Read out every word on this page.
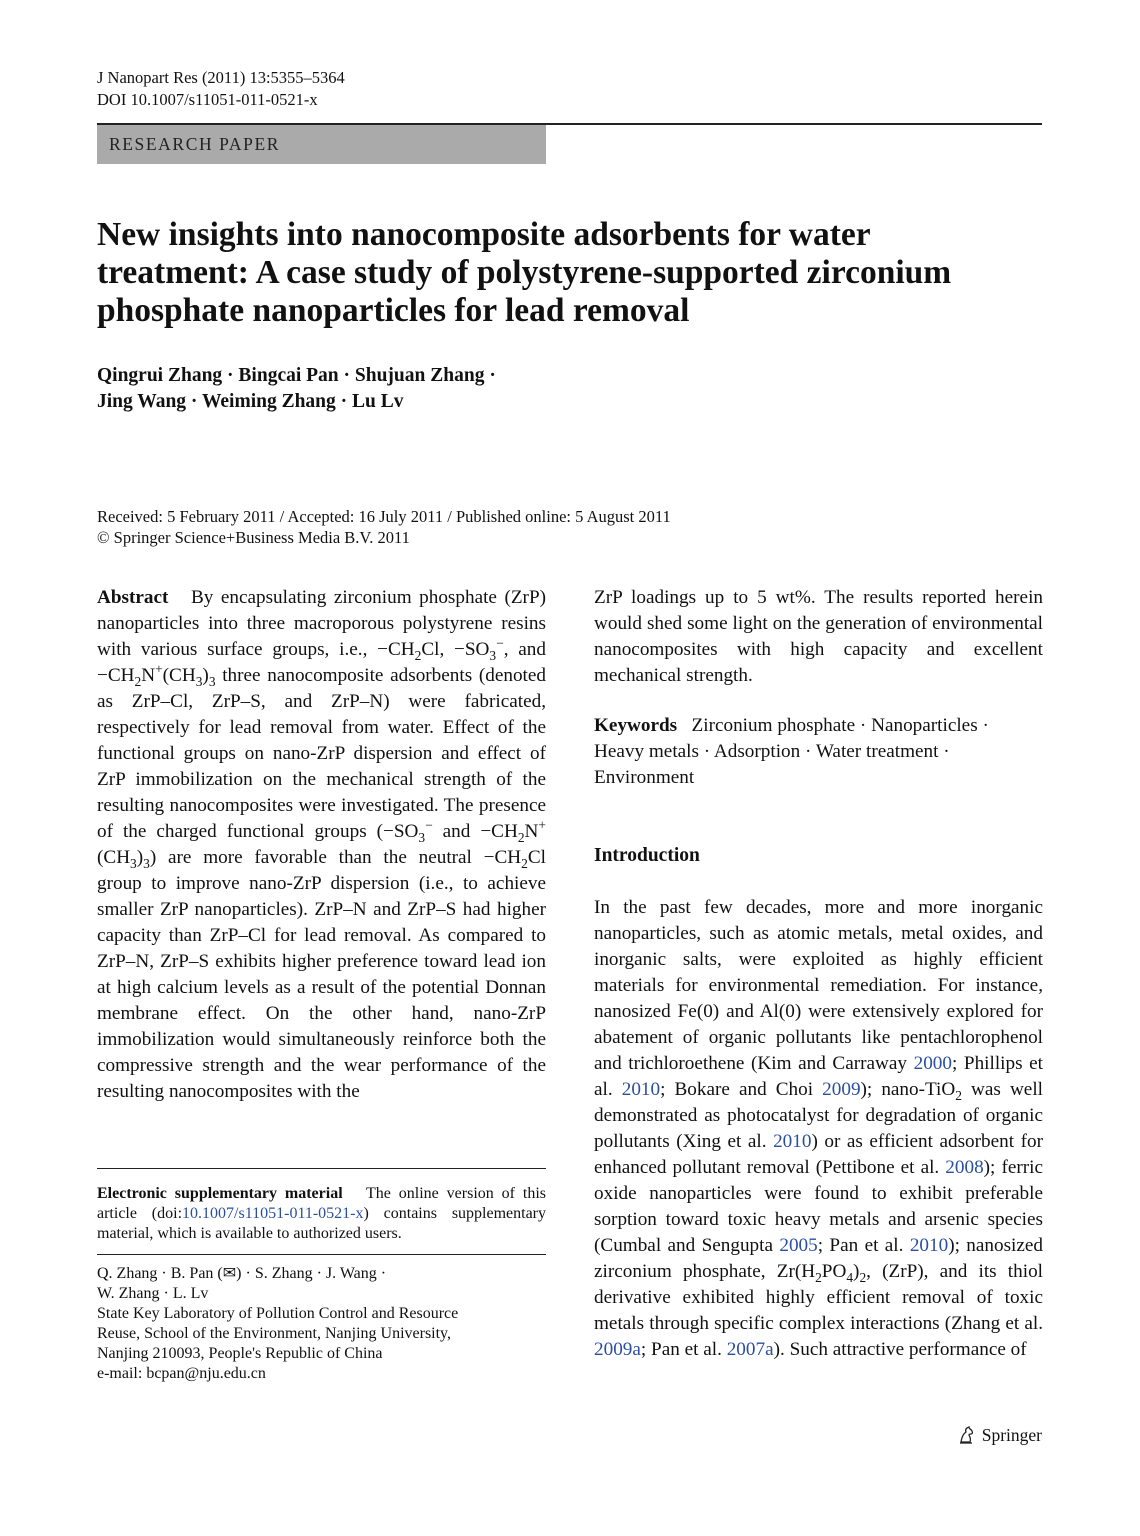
J Nanopart Res (2011) 13:5355–5364
DOI 10.1007/s11051-011-0521-x
RESEARCH PAPER
New insights into nanocomposite adsorbents for water
treatment: A case study of polystyrene-supported zirconium
phosphate nanoparticles for lead removal
Qingrui Zhang · Bingcai Pan · Shujuan Zhang ·
Jing Wang · Weiming Zhang · Lu Lv
Received: 5 February 2011 / Accepted: 16 July 2011 / Published online: 5 August 2011
© Springer Science+Business Media B.V. 2011

Abstract By encapsulating zirconium phosphate (ZrP) nanoparticles into three macroporous polystyrene resins with various surface groups, i.e., $-CH_2Cl$, $-SO_3^-$, and $-CH_2N^+(CH_3)_3$ three nanocomposite adsorbents (denoted as ZrP–Cl, ZrP–S, and ZrP–N) were fabricated, respectively for lead removal from water. Effect of the functional groups on nano-ZrP dispersion and effect of ZrP immobilization on the mechanical strength of the resulting nanocomposites were investigated. The presence of the charged functional groups ($-SO_3^-$ and $-CH_2N^+(CH_3)_3$) are more favorable than the neutral $-CH_2Cl$ group to improve nano-ZrP dispersion (i.e., to achieve smaller ZrP nanoparticles). ZrP–N and ZrP–S had higher capacity than ZrP–Cl for lead removal. As compared to ZrP–N, ZrP–S exhibits higher preference toward lead ion at high calcium levels as a result of the potential Donnan membrane effect. On the other hand, nano-ZrP immobilization would simultaneously reinforce both the compressive strength and the wear performance of the resulting nanocomposites with the

Electronic supplementary material The online version of this article (doi:10.1007/s11051-011-0521-x) contains supplementary material, which is available to authorized users.
Q. Zhang · B. Pan (✉) · S. Zhang · J. Wang ·
W. Zhang · L. Lv
State Key Laboratory of Pollution Control and Resource
Reuse, School of the Environment, Nanjing University,
Nanjing 210093, People's Republic of China
e-mail: bcpan@nju.edu.cn

ZrP loadings up to 5 wt%. The results reported herein would shed some light on the generation of environmental nanocomposites with high capacity and excellent mechanical strength.

Keywords Zirconium phosphate · Nanoparticles · Heavy metals · Adsorption · Water treatment · Environment

Introduction

In the past few decades, more and more inorganic nanoparticles, such as atomic metals, metal oxides, and inorganic salts, were exploited as highly efficient materials for environmental remediation. For instance, nanosized Fe(0) and Al(0) were extensively explored for abatement of organic pollutants like pentachlorophenol and trichloroethene (Kim and Carraway 2000; Phillips et al. 2010; Bokare and Choi 2009); nano-TiO$_2$ was well demonstrated as photocatalyst for degradation of organic pollutants (Xing et al. 2010) or as efficient adsorbent for enhanced pollutant removal (Pettibone et al. 2008); ferric oxide nanoparticles were found to exhibit preferable sorption toward toxic heavy metals and arsenic species (Cumbal and Sengupta 2005; Pan et al. 2010); nanosized zirconium phosphate, $Zr(H_2PO_4)_2$, (ZrP), and its thiol derivative exhibited highly efficient removal of toxic metals through specific complex interactions (Zhang et al. 2009a; Pan et al. 2007a). Such attractive performance of

Springer
